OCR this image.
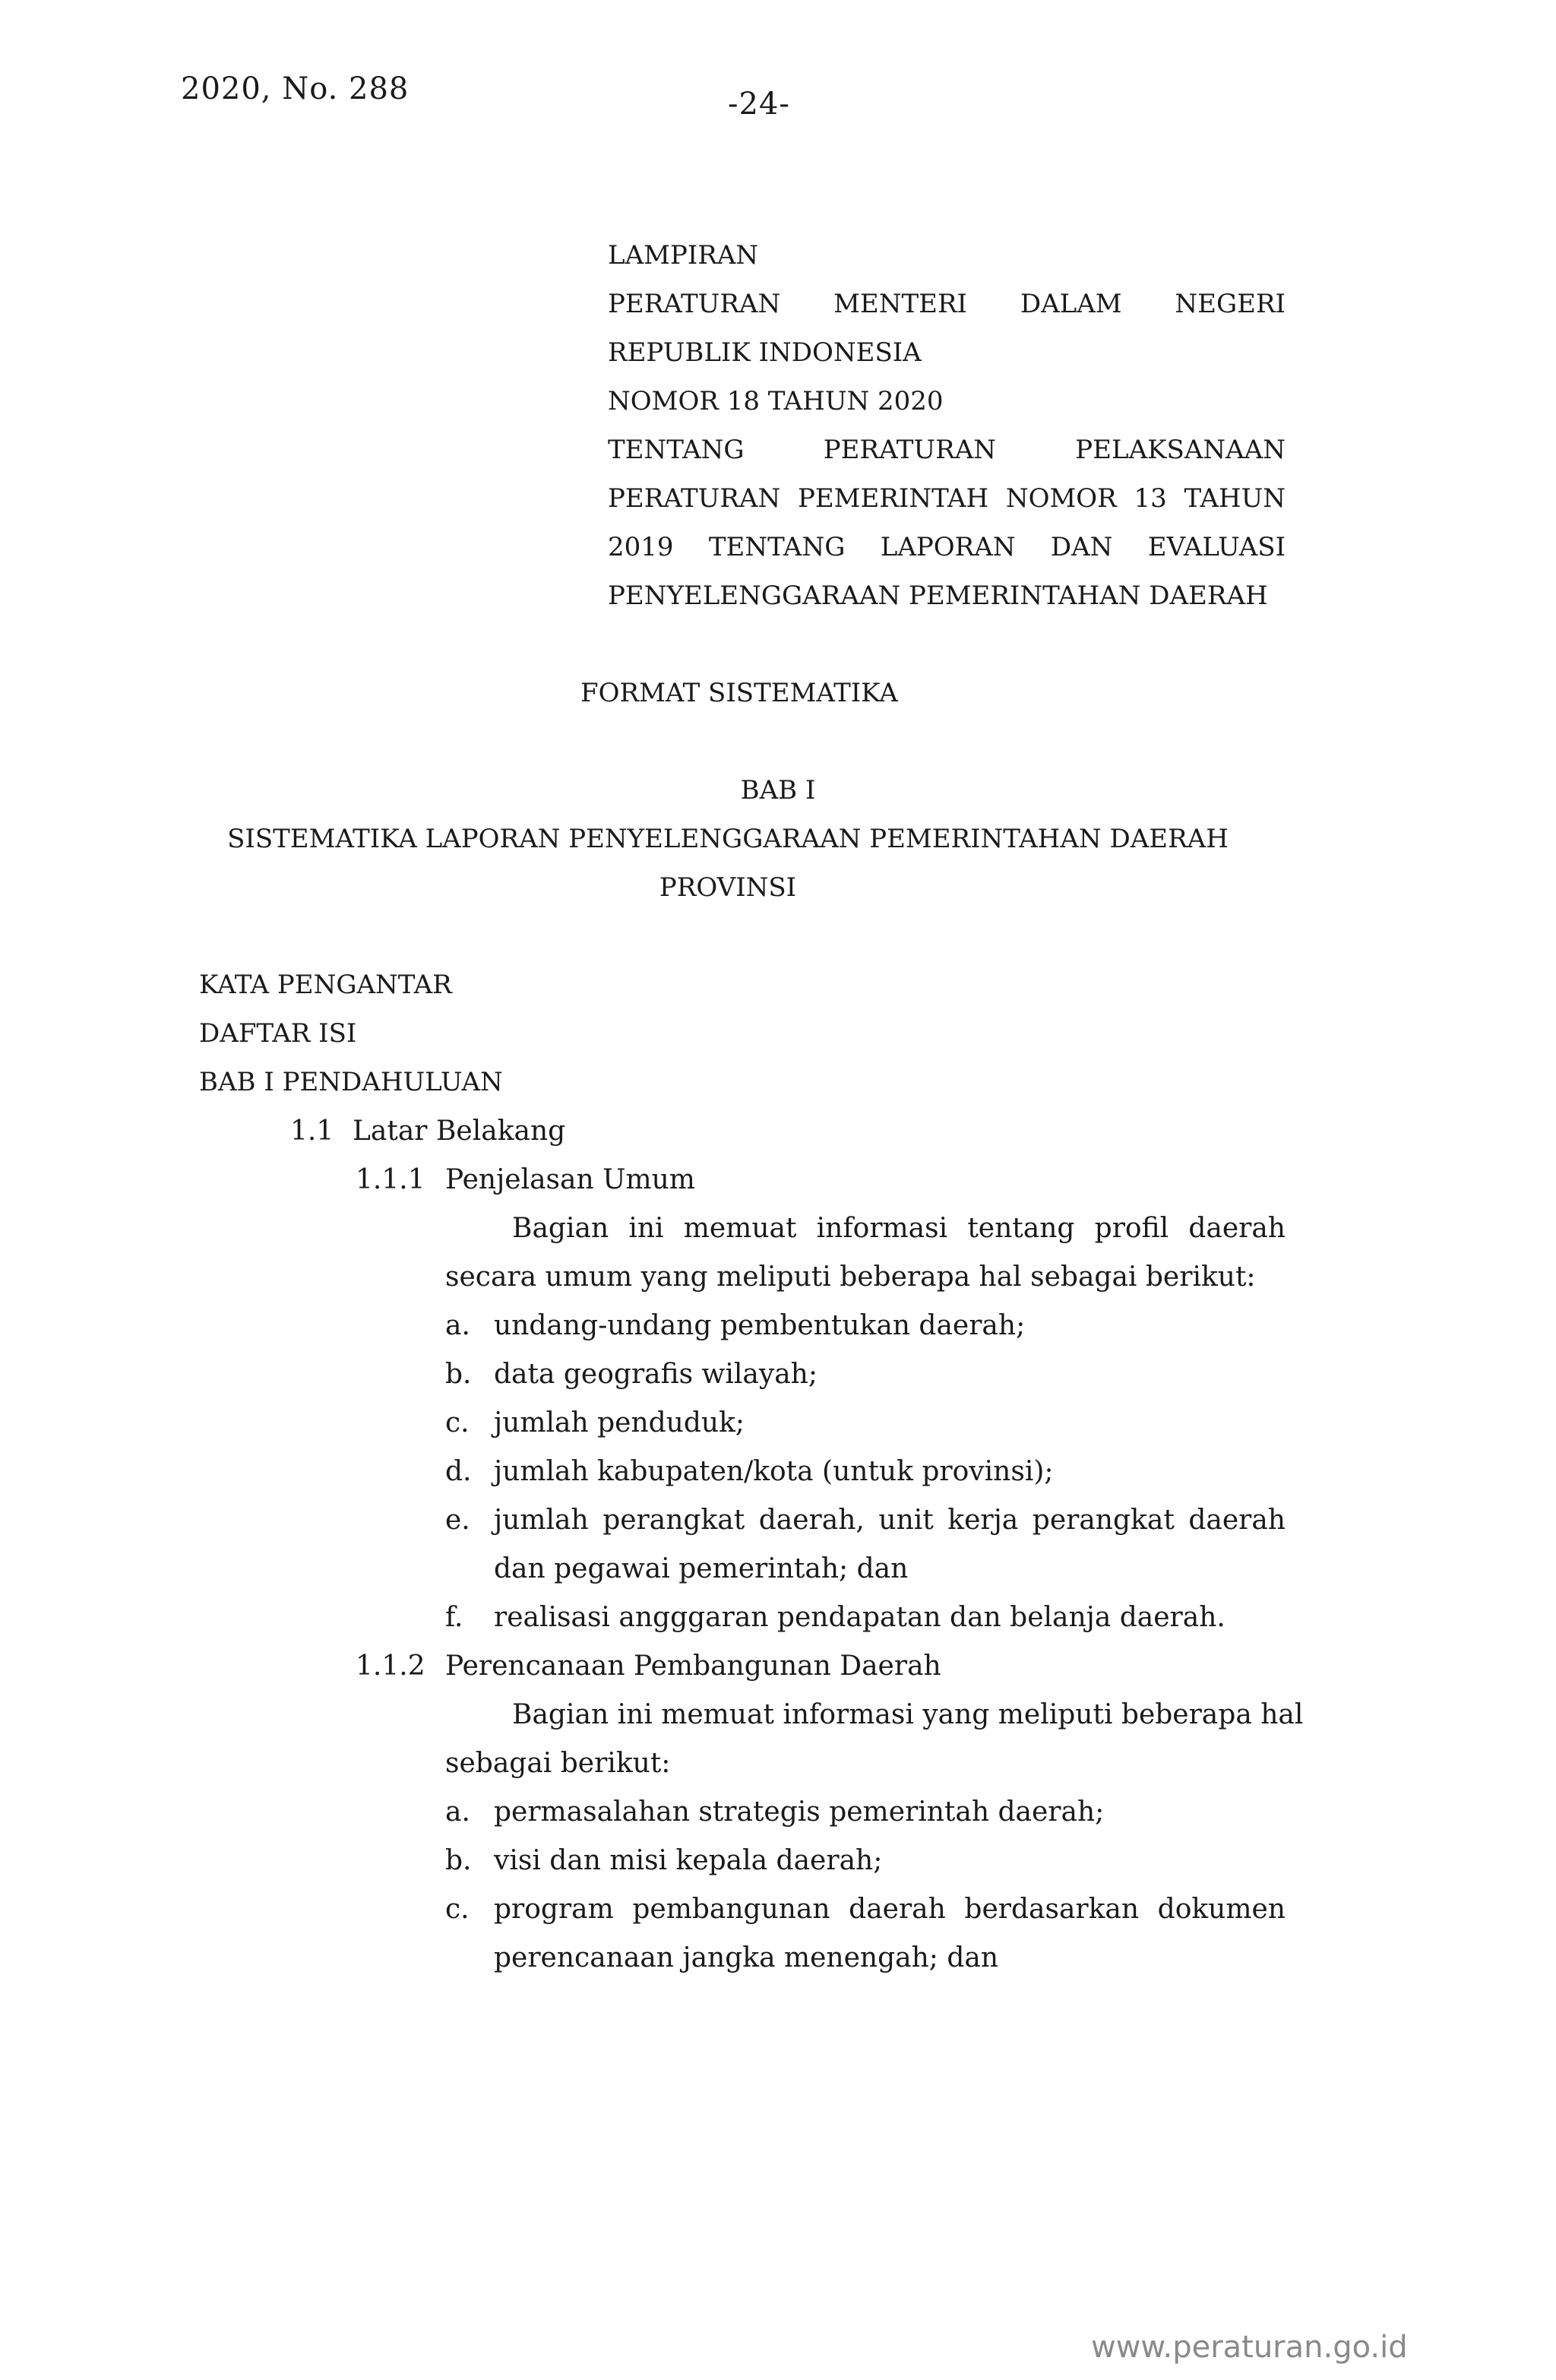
2020, No. 288	-24-
LAMPIRAN
PERATURAN MENTERI DALAM NEGERI
REPUBLIK INDONESIA
NOMOR 18 TAHUN 2020
TENTANG PERATURAN PELAKSANAAN
PERATURAN PEMERINTAH NOMOR 13 TAHUN
2019 TENTANG LAPORAN DAN EVALUASI
PENYELENGGARAAN PEMERINTAHAN DAERAH
FORMAT SISTEMATIKA
BAB I
SISTEMATIKA LAPORAN PENYELENGGARAAN PEMERINTAHAN DAERAH
PROVINSI
KATA PENGANTAR
DAFTAR ISI
BAB I PENDAHULUAN
1.1 Latar Belakang
1.1.1 Penjelasan Umum
Bagian ini memuat informasi tentang profil daerah
secara umum yang meliputi beberapa hal sebagai berikut:
a. undang-undang pembentukan daerah;
b. data geografis wilayah;
c. jumlah penduduk;
d. jumlah kabupaten/kota (untuk provinsi);
e. jumlah perangkat daerah, unit kerja perangkat daerah
dan pegawai pemerintah; dan
f. realisasi angggaran pendapatan dan belanja daerah.
1.1.2 Perencanaan Pembangunan Daerah
Bagian ini memuat informasi yang meliputi beberapa hal
sebagai berikut:
a. permasalahan strategis pemerintah daerah;
b. visi dan misi kepala daerah;
c. program pembangunan daerah berdasarkan dokumen
perencanaan jangka menengah; dan
www.peraturan.go.id
